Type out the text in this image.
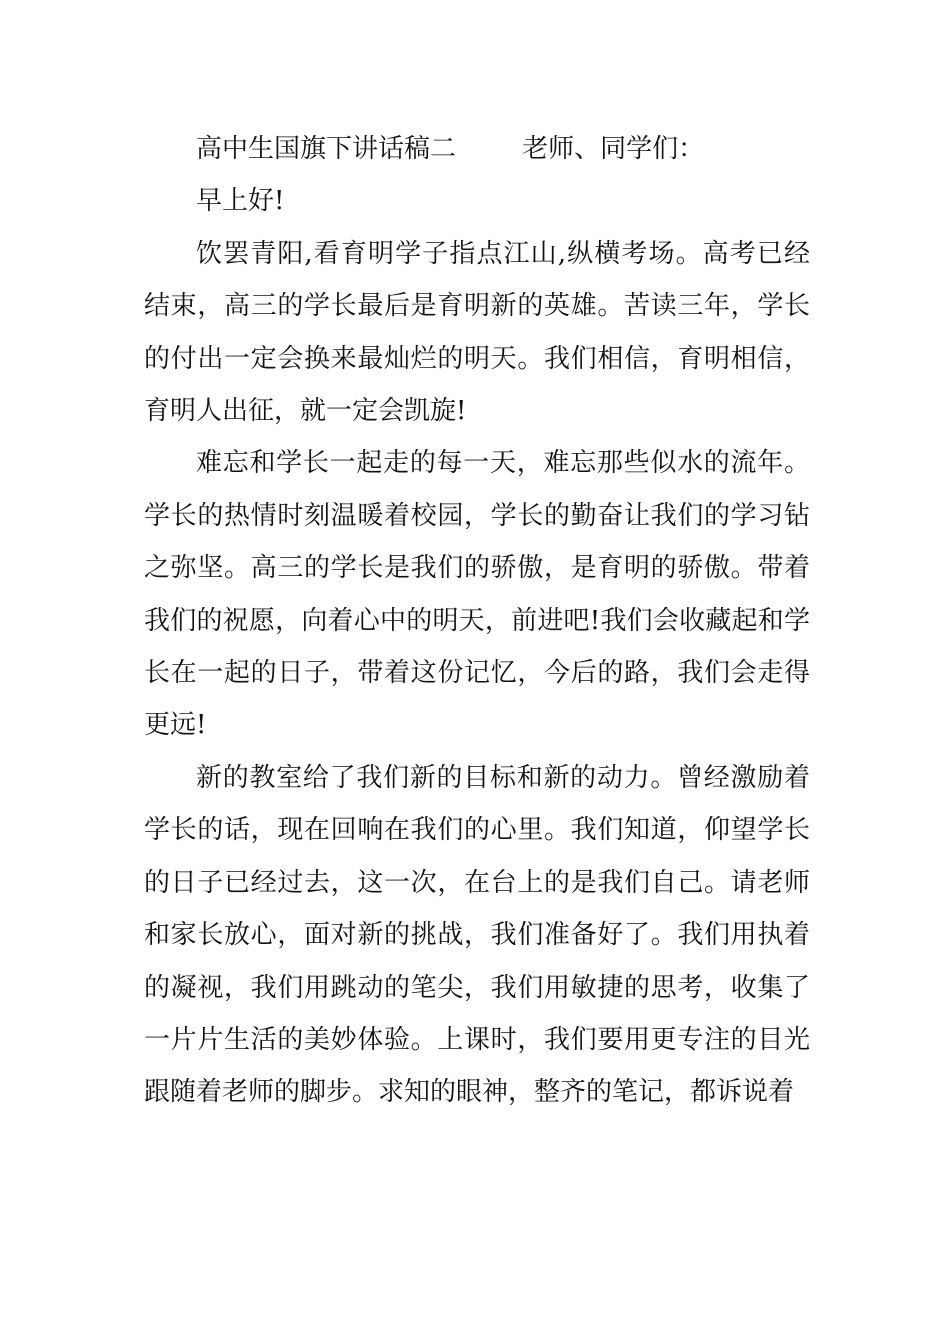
高中生国旗下讲话稿二	老师、同学们：

早上好!

饮罢青阳,看育明学子指点江山,纵横考场。高考已经结束，高三的学长最后是育明新的英雄。苦读三年，学长的付出一定会换来最灿烂的明天。我们相信，育明相信，育明人出征，就一定会凯旋!

难忘和学长一起走的每一天，难忘那些似水的流年。学长的热情时刻温暖着校园，学长的勤奋让我们的学习钻之弥坚。高三的学长是我们的骄傲，是育明的骄傲。带着我们的祝愿，向着心中的明天，前进吧!我们会收藏起和学长在一起的日子，带着这份记忆，今后的路，我们会走得更远!

新的教室给了我们新的目标和新的动力。曾经激励着学长的话，现在回响在我们的心里。我们知道，仰望学长的日子已经过去，这一次，在台上的是我们自己。请老师和家长放心，面对新的挑战，我们准备好了。我们用执着的凝视，我们用跳动的笔尖，我们用敏捷的思考，收集了一片片生活的美妙体验。上课时，我们要用更专注的目光跟随着老师的脚步。求知的眼神，整齐的笔记，都诉说着
